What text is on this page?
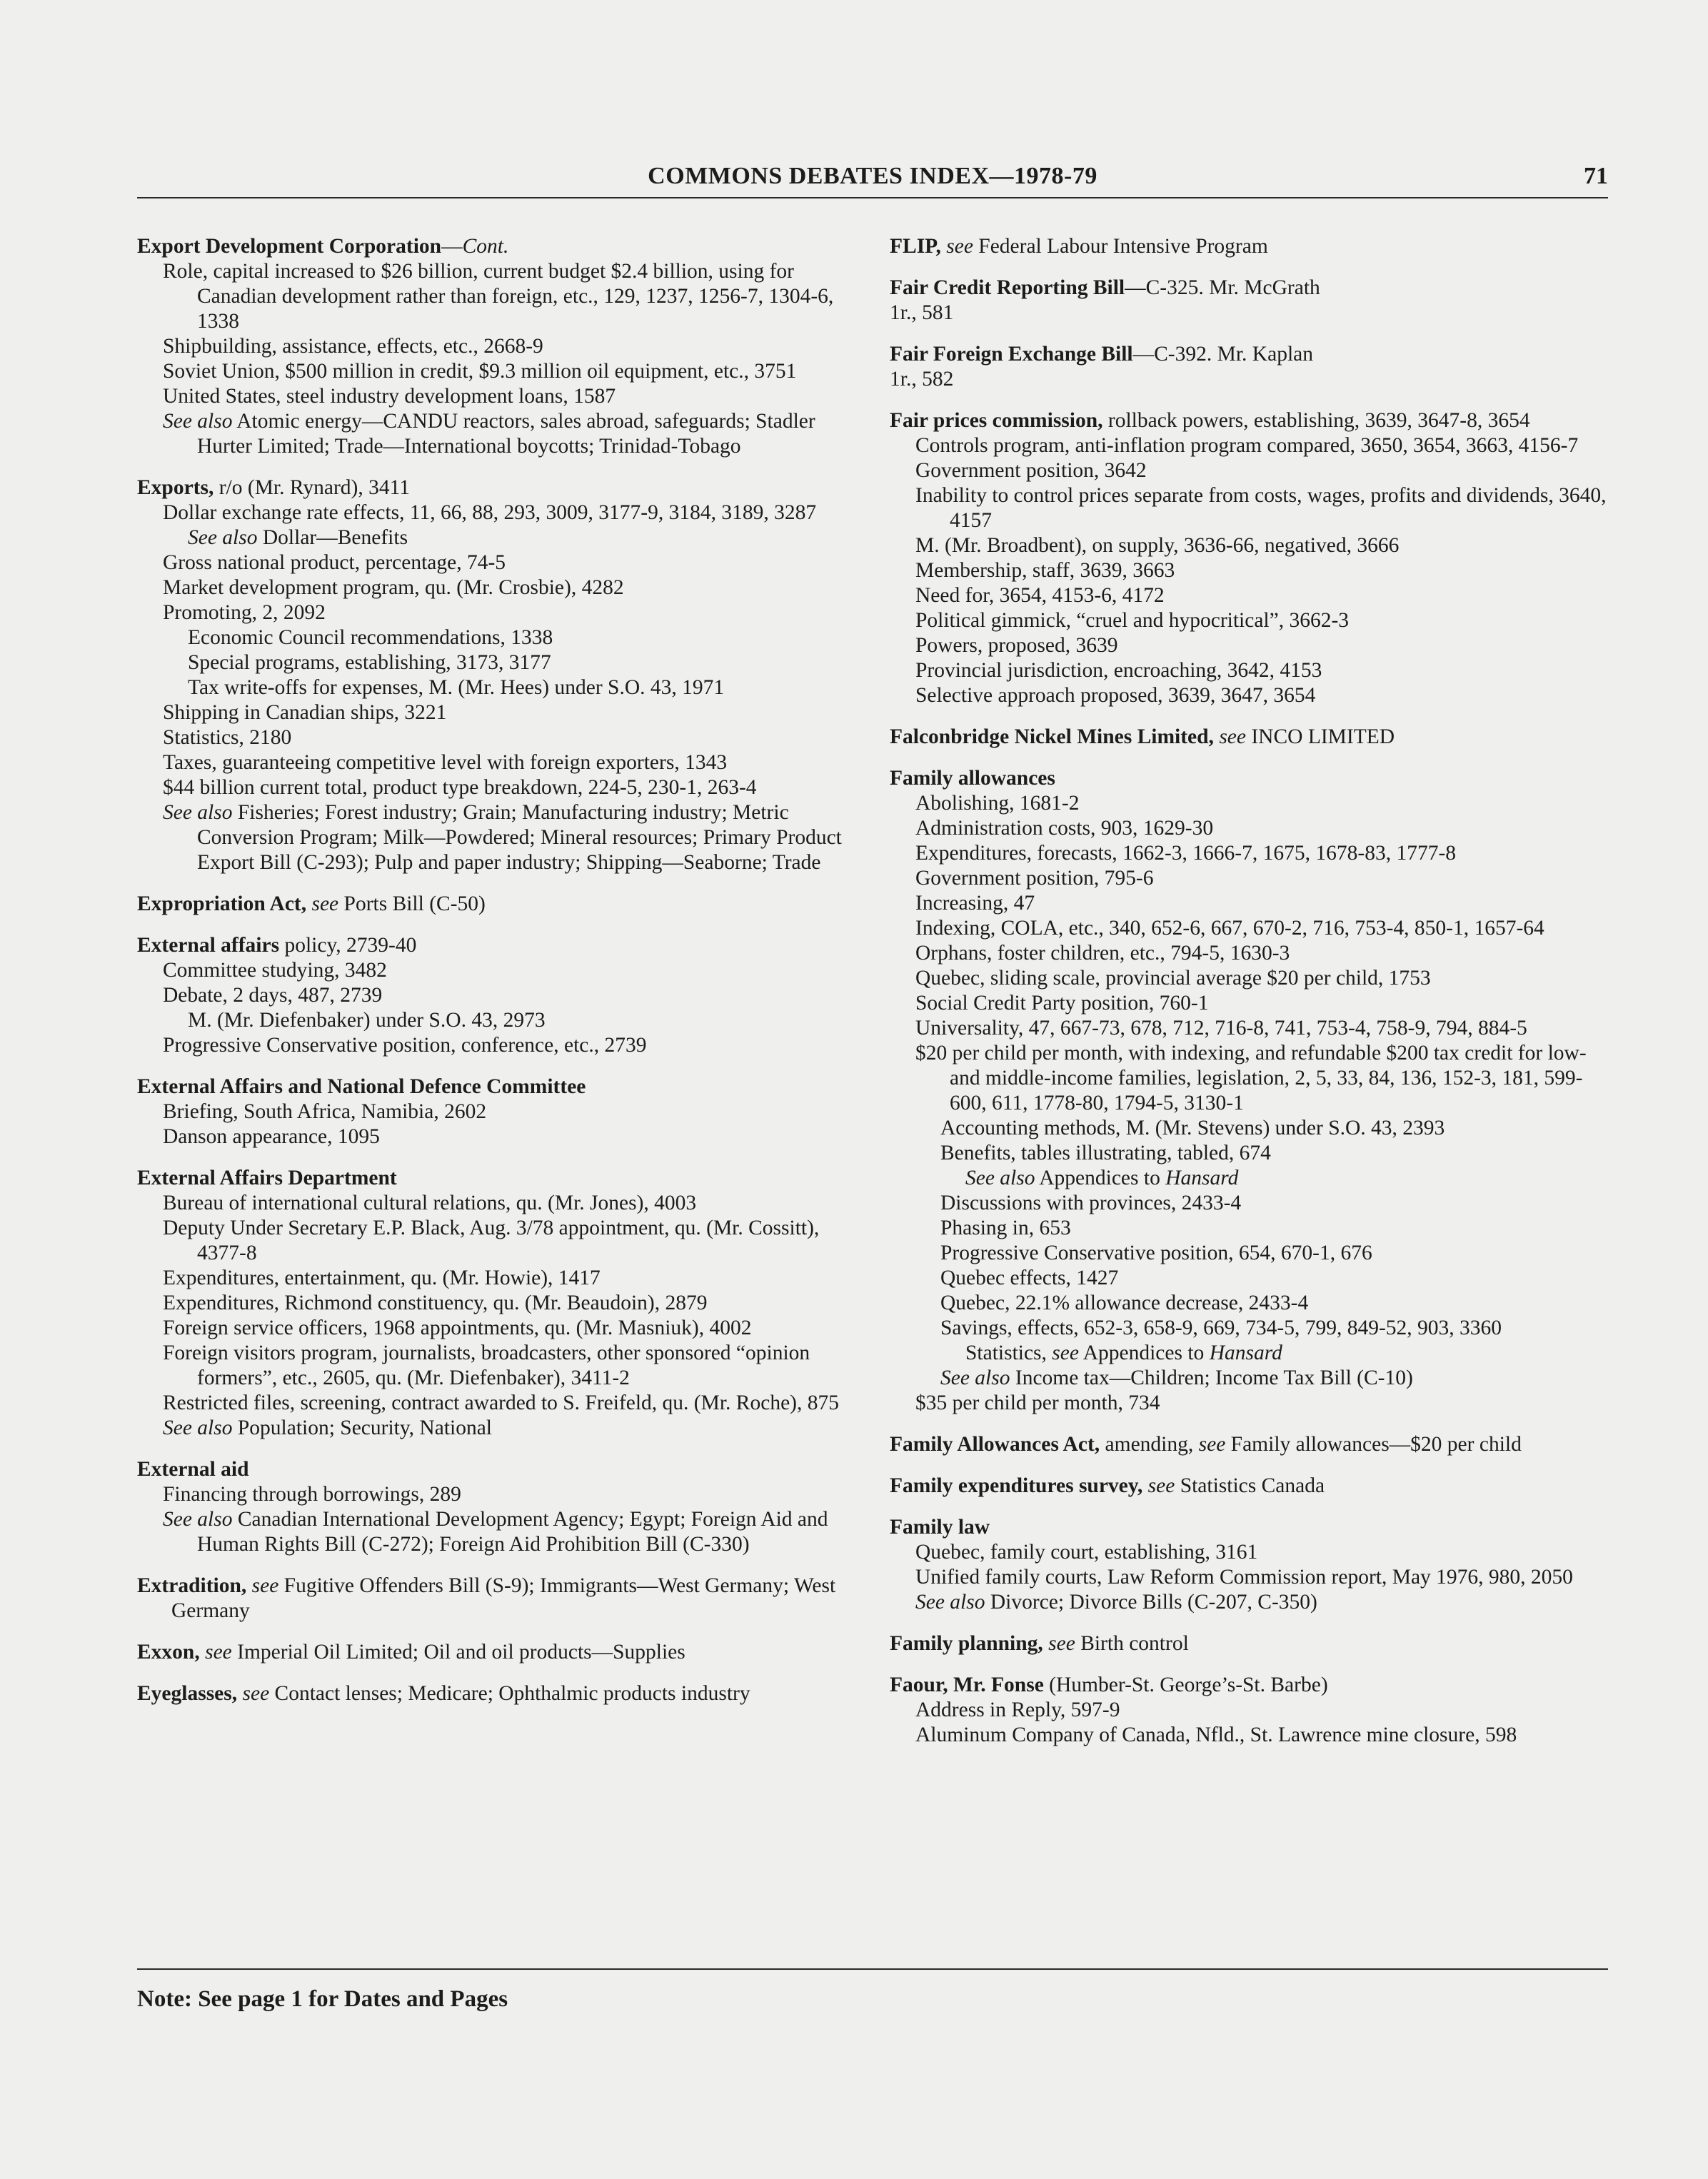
COMMONS DEBATES INDEX—1978-79	71
Export Development Corporation—Cont.
Role, capital increased to $26 billion, current budget $2.4 billion, using for Canadian development rather than foreign, etc., 129, 1237, 1256-7, 1304-6, 1338
Shipbuilding, assistance, effects, etc., 2668-9
Soviet Union, $500 million in credit, $9.3 million oil equipment, etc., 3751
United States, steel industry development loans, 1587
See also Atomic energy—CANDU reactors, sales abroad, safeguards; Stadler Hurter Limited; Trade—International boycotts; Trinidad-Tobago
Exports, r/o (Mr. Rynard), 3411
Dollar exchange rate effects, 11, 66, 88, 293, 3009, 3177-9, 3184, 3189, 3287
See also Dollar—Benefits
Gross national product, percentage, 74-5
Market development program, qu. (Mr. Crosbie), 4282
Promoting, 2, 2092
Economic Council recommendations, 1338
Special programs, establishing, 3173, 3177
Tax write-offs for expenses, M. (Mr. Hees) under S.O. 43, 1971
Shipping in Canadian ships, 3221
Statistics, 2180
Taxes, guaranteeing competitive level with foreign exporters, 1343
$44 billion current total, product type breakdown, 224-5, 230-1, 263-4
See also Fisheries; Forest industry; Grain; Manufacturing industry; Metric Conversion Program; Milk—Powdered; Mineral resources; Primary Product Export Bill (C-293); Pulp and paper industry; Shipping—Seaborne; Trade
Expropriation Act, see Ports Bill (C-50)
External affairs policy, 2739-40
Committee studying, 3482
Debate, 2 days, 487, 2739
M. (Mr. Diefenbaker) under S.O. 43, 2973
Progressive Conservative position, conference, etc., 2739
External Affairs and National Defence Committee
Briefing, South Africa, Namibia, 2602
Danson appearance, 1095
External Affairs Department
Bureau of international cultural relations, qu. (Mr. Jones), 4003
Deputy Under Secretary E.P. Black, Aug. 3/78 appointment, qu. (Mr. Cossitt), 4377-8
Expenditures, entertainment, qu. (Mr. Howie), 1417
Expenditures, Richmond constituency, qu. (Mr. Beaudoin), 2879
Foreign service officers, 1968 appointments, qu. (Mr. Masniuk), 4002
Foreign visitors program, journalists, broadcasters, other sponsored “opinion formers”, etc., 2605, qu. (Mr. Diefenbaker), 3411-2
Restricted files, screening, contract awarded to S. Freifeld, qu. (Mr. Roche), 875
See also Population; Security, National
External aid
Financing through borrowings, 289
See also Canadian International Development Agency; Egypt; Foreign Aid and Human Rights Bill (C-272); Foreign Aid Prohibition Bill (C-330)
Extradition, see Fugitive Offenders Bill (S-9); Immigrants—West Germany; West Germany
Exxon, see Imperial Oil Limited; Oil and oil products—Supplies
Eyeglasses, see Contact lenses; Medicare; Ophthalmic products industry
FLIP, see Federal Labour Intensive Program
Fair Credit Reporting Bill—C-325. Mr. McGrath
1r., 581
Fair Foreign Exchange Bill—C-392. Mr. Kaplan
1r., 582
Fair prices commission, rollback powers, establishing, 3639, 3647-8, 3654
Controls program, anti-inflation program compared, 3650, 3654, 3663, 4156-7
Government position, 3642
Inability to control prices separate from costs, wages, profits and dividends, 3640, 4157
M. (Mr. Broadbent), on supply, 3636-66, negatived, 3666
Membership, staff, 3639, 3663
Need for, 3654, 4153-6, 4172
Political gimmick, “cruel and hypocritical”, 3662-3
Powers, proposed, 3639
Provincial jurisdiction, encroaching, 3642, 4153
Selective approach proposed, 3639, 3647, 3654
Falconbridge Nickel Mines Limited, see INCO LIMITED
Family allowances
Abolishing, 1681-2
Administration costs, 903, 1629-30
Expenditures, forecasts, 1662-3, 1666-7, 1675, 1678-83, 1777-8
Government position, 795-6
Increasing, 47
Indexing, COLA, etc., 340, 652-6, 667, 670-2, 716, 753-4, 850-1, 1657-64
Orphans, foster children, etc., 794-5, 1630-3
Quebec, sliding scale, provincial average $20 per child, 1753
Social Credit Party position, 760-1
Universality, 47, 667-73, 678, 712, 716-8, 741, 753-4, 758-9, 794, 884-5
$20 per child per month, with indexing, and refundable $200 tax credit for low- and middle-income families, legislation, 2, 5, 33, 84, 136, 152-3, 181, 599-600, 611, 1778-80, 1794-5, 3130-1
Accounting methods, M. (Mr. Stevens) under S.O. 43, 2393
Benefits, tables illustrating, tabled, 674
See also Appendices to Hansard
Discussions with provinces, 2433-4
Phasing in, 653
Progressive Conservative position, 654, 670-1, 676
Quebec effects, 1427
Quebec, 22.1% allowance decrease, 2433-4
Savings, effects, 652-3, 658-9, 669, 734-5, 799, 849-52, 903, 3360
Statistics, see Appendices to Hansard
See also Income tax—Children; Income Tax Bill (C-10)
$35 per child per month, 734
Family Allowances Act, amending, see Family allowances—$20 per child
Family expenditures survey, see Statistics Canada
Family law
Quebec, family court, establishing, 3161
Unified family courts, Law Reform Commission report, May 1976, 980, 2050
See also Divorce; Divorce Bills (C-207, C-350)
Family planning, see Birth control
Faour, Mr. Fonse (Humber-St. George’s-St. Barbe)
Address in Reply, 597-9
Aluminum Company of Canada, Nfld., St. Lawrence mine closure, 598
Note: See page 1 for Dates and Pages
